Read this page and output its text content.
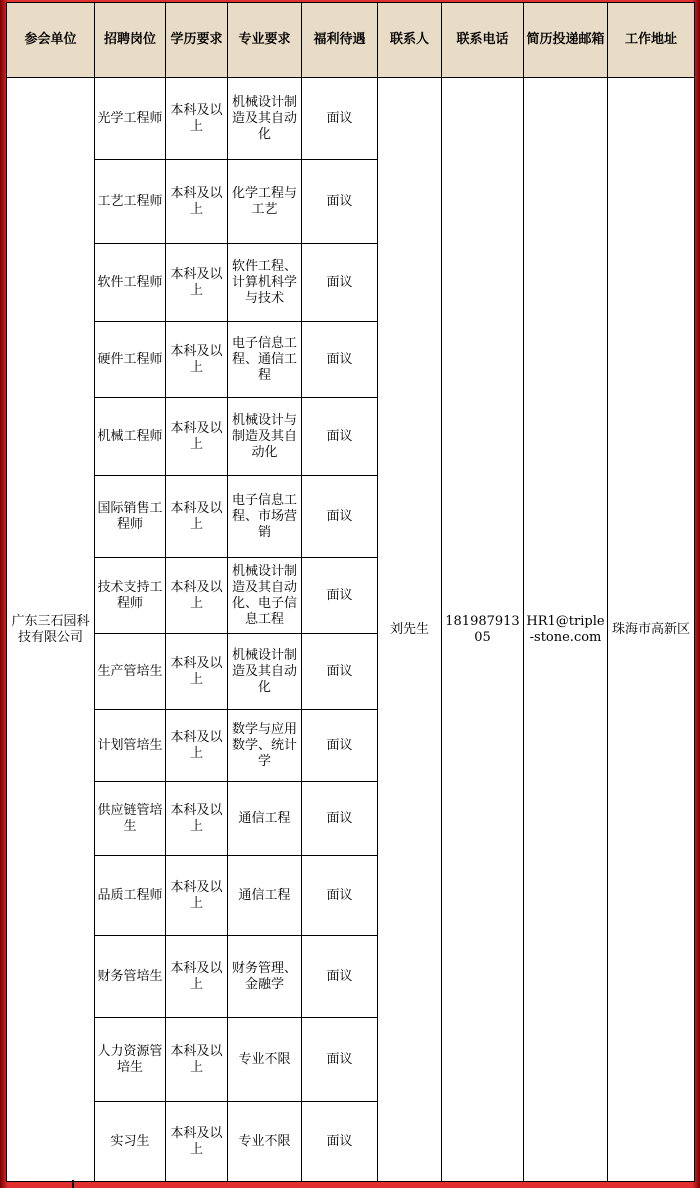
参会单位	招聘岗位	学历要求	专业要求	福利待遇	联系人	联系电话	简历投递邮箱	工作地址
广东三石园科技有限公司	光学工程师	本科及以上	机械设计制造及其自动化	面议	刘先生	18198791305	HR1@triple-stone.com	珠海市高新区
	工艺工程师	本科及以上	化学工程与工艺	面议				
	软件工程师	本科及以上	软件工程、计算机科学与技术	面议				
	硬件工程师	本科及以上	电子信息工程、通信工程	面议				
	机械工程师	本科及以上	机械设计与制造及其自动化	面议				
	国际销售工程师	本科及以上	电子信息工程、市场营销	面议				
	技术支持工程师	本科及以上	机械设计制造及其自动化、电子信息工程	面议				
	生产管培生	本科及以上	机械设计制造及其自动化	面议				
	计划管培生	本科及以上	数学与应用数学、统计学	面议				
	供应链管培生	本科及以上	通信工程	面议				
	品质工程师	本科及以上	通信工程	面议				
	财务管培生	本科及以上	财务管理、金融学	面议				
	人力资源管培生	本科及以上	专业不限	面议				
	实习生	本科及以上	专业不限	面议				
